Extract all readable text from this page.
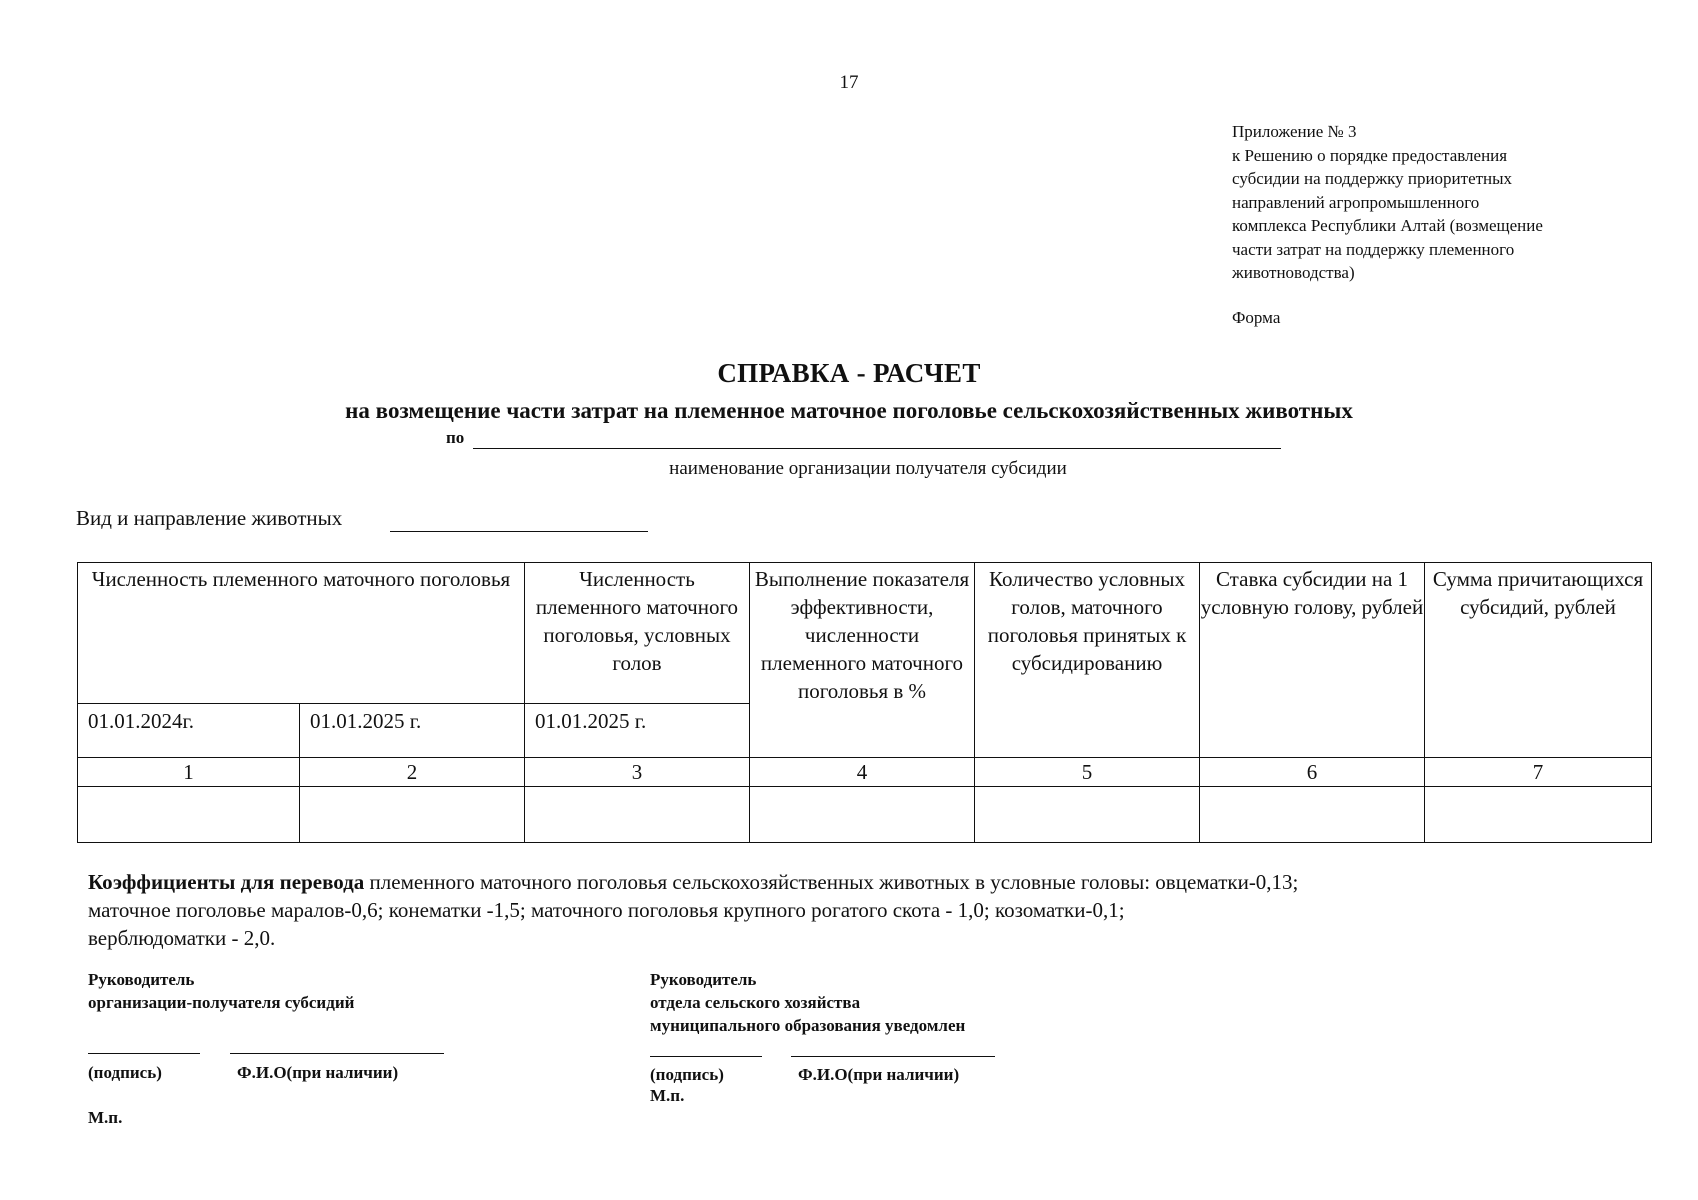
17
Приложение № 3
к Решению о порядке предоставления
субсидии на поддержку приоритетных
направлений агропромышленного
комплекса Республики Алтай (возмещение
части затрат на поддержку племенного
животноводства)
Форма
СПРАВКА - РАСЧЕТ
на возмещение части затрат на племенное маточное поголовье сельскохозяйственных животных
по
наименование организации получателя субсидии
Вид и направление животных
Численность племенного маточного поголовья		Численность племенного маточного поголовья, условных голов	Выполнение показателя эффективности, численности племенного маточного поголовья в %	Количество условных голов, маточного поголовья принятых к субсидированию	Ставка субсидии на 1 условную голову, рублей	Сумма причитающихся субсидий, рублей
01.01.2024г.	01.01.2025 г.	01.01.2025 г.				
1	2	3	4	5	6	7

Коэффициенты для перевода племенного маточного поголовья сельскохозяйственных животных в условные головы: овцематки-0,13;
маточное поголовье маралов-0,6; конематки -1,5; маточного поголовья крупного рогатого скота - 1,0; козоматки-0,1;
верблюдоматки - 2,0.
Руководитель
организации-получателя субсидий
(подпись)	Ф.И.О(при наличии)
М.п.
Руководитель
отдела сельского хозяйства
муниципального образования уведомлен
(подпись)	Ф.И.О(при наличии)
М.п.
